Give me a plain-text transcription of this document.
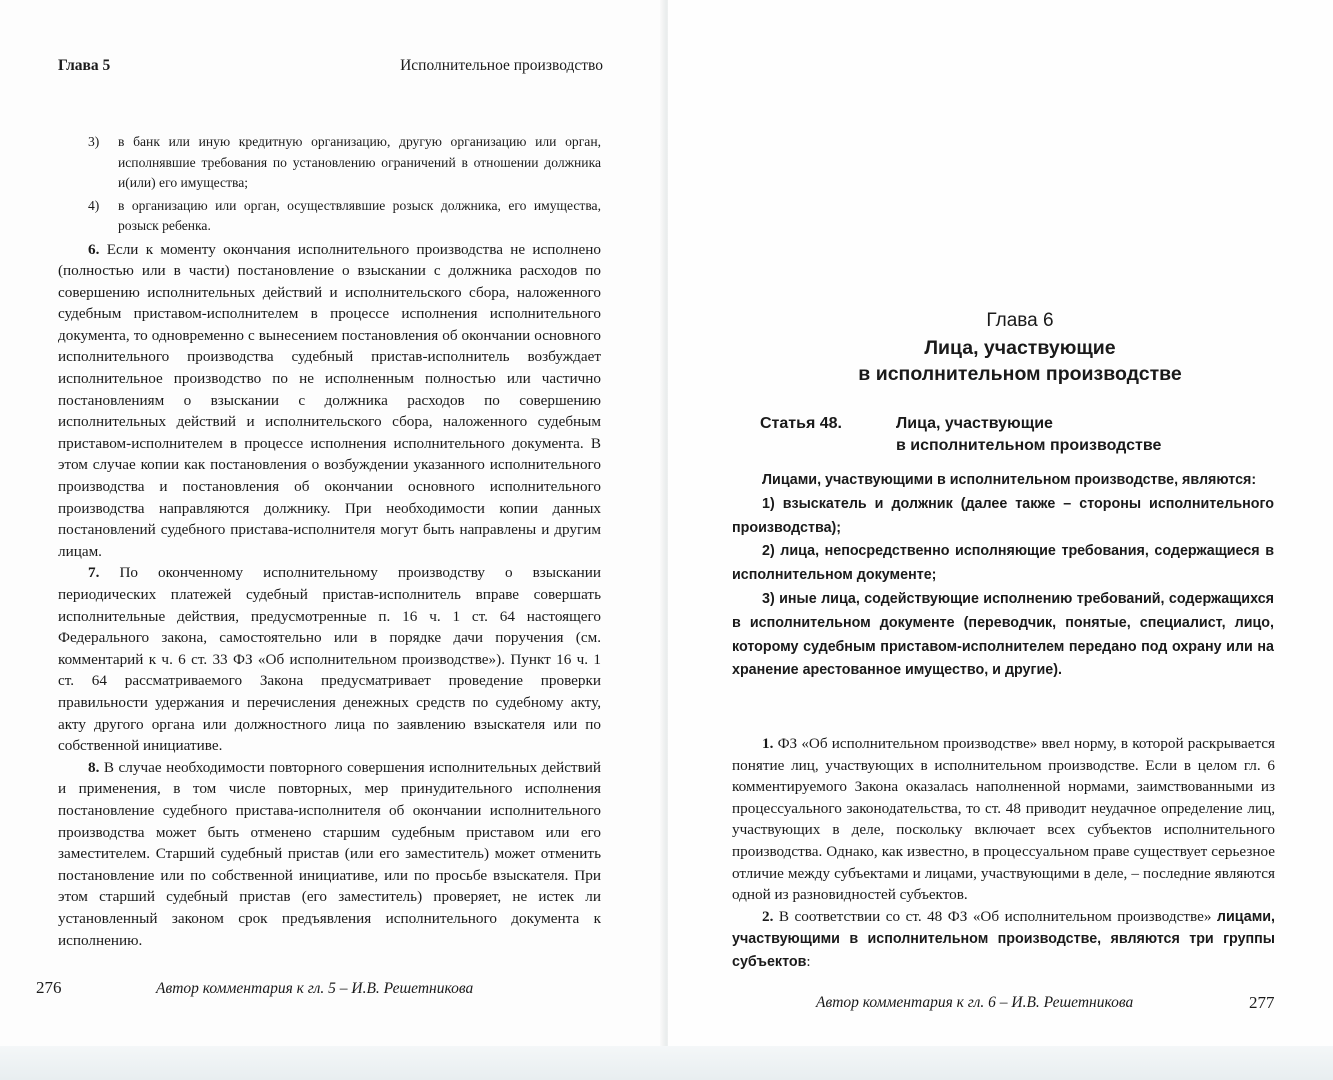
Глава 5	Исполнительное производство
3)	в банк или иную кредитную организацию, другую организацию или орган, исполнявшие требования по установлению ограничений в отношении должника и(или) его имущества;
4)	в организацию или орган, осуществлявшие розыск должника, его имущества, розыск ребенка.

6. Если к моменту окончания исполнительного производства не исполнено (полностью или в части) постановление о взыскании с должника расходов по совершению исполнительных действий и исполнительского сбора, наложенного судебным приставом-исполнителем в процессе исполнения исполнительного документа, то одновременно с вынесением постановления об окончании основного исполнительного производства судебный пристав-исполнитель возбуждает исполнительное производство по не исполненным полностью или частично постановлениям о взыскании с должника расходов по совершению исполнительных действий и исполнительского сбора, наложенного судебным приставом-исполнителем в процессе исполнения исполнительного документа. В этом случае копии как постановления о возбуждении указанного исполнительного производства и постановления об окончании основного исполнительного производства направляются должнику. При необходимости копии данных постановлений судебного пристава-исполнителя могут быть направлены и другим лицам.

7. По оконченному исполнительному производству о взыскании периодических платежей судебный пристав-исполнитель вправе совершать исполнительные действия, предусмотренные п. 16 ч. 1 ст. 64 настоящего Федерального закона, самостоятельно или в порядке дачи поручения (см. комментарий к ч. 6 ст. 33 ФЗ «Об исполнительном производстве»). Пункт 16 ч. 1 ст. 64 рассматриваемого Закона предусматривает проведение проверки правильности удержания и перечисления денежных средств по судебному акту, акту другого органа или должностного лица по заявлению взыскателя или по собственной инициативе.

8. В случае необходимости повторного совершения исполнительных действий и применения, в том числе повторных, мер принудительного исполнения постановление судебного пристава-исполнителя об окончании исполнительного производства может быть отменено старшим судебным приставом или его заместителем. Старший судебный пристав (или его заместитель) может отменить постановление или по собственной инициативе, или по просьбе взыскателя. При этом старший судебный пристав (его заместитель) проверяет, не истек ли установленный законом срок предъявления исполнительного документа к исполнению.

276	Автор комментария к гл. 5 – И.В. Решетникова
Глава 6
Лица, участвующие
в исполнительном производстве
Статья 48.	Лица, участвующие
в исполнительном производстве

Лицами, участвующими в исполнительном производстве, являются:

1) взыскатель и должник (далее также – стороны исполнительного производства);

2) лица, непосредственно исполняющие требования, содержащиеся в исполнительном документе;

3) иные лица, содействующие исполнению требований, содержащихся в исполнительном документе (переводчик, понятые, специалист, лицо, которому судебным приставом-исполнителем передано под охрану или на хранение арестованное имущество, и другие).

1. ФЗ «Об исполнительном производстве» ввел норму, в которой раскрывается понятие лиц, участвующих в исполнительном производстве. Если в целом гл. 6 комментируемого Закона оказалась наполненной нормами, заимствованными из процессуального законодательства, то ст. 48 приводит неудачное определение лиц, участвующих в деле, поскольку включает всех субъектов исполнительного производства. Однако, как известно, в процессуальном праве существует серьезное отличие между субъектами и лицами, участвующими в деле, – последние являются одной из разновидностей субъектов.

2. В соответствии со ст. 48 ФЗ «Об исполнительном производстве» лицами, участвующими в исполнительном производстве, являются три группы субъектов:

Автор комментария к гл. 6 – И.В. Решетникова	277
